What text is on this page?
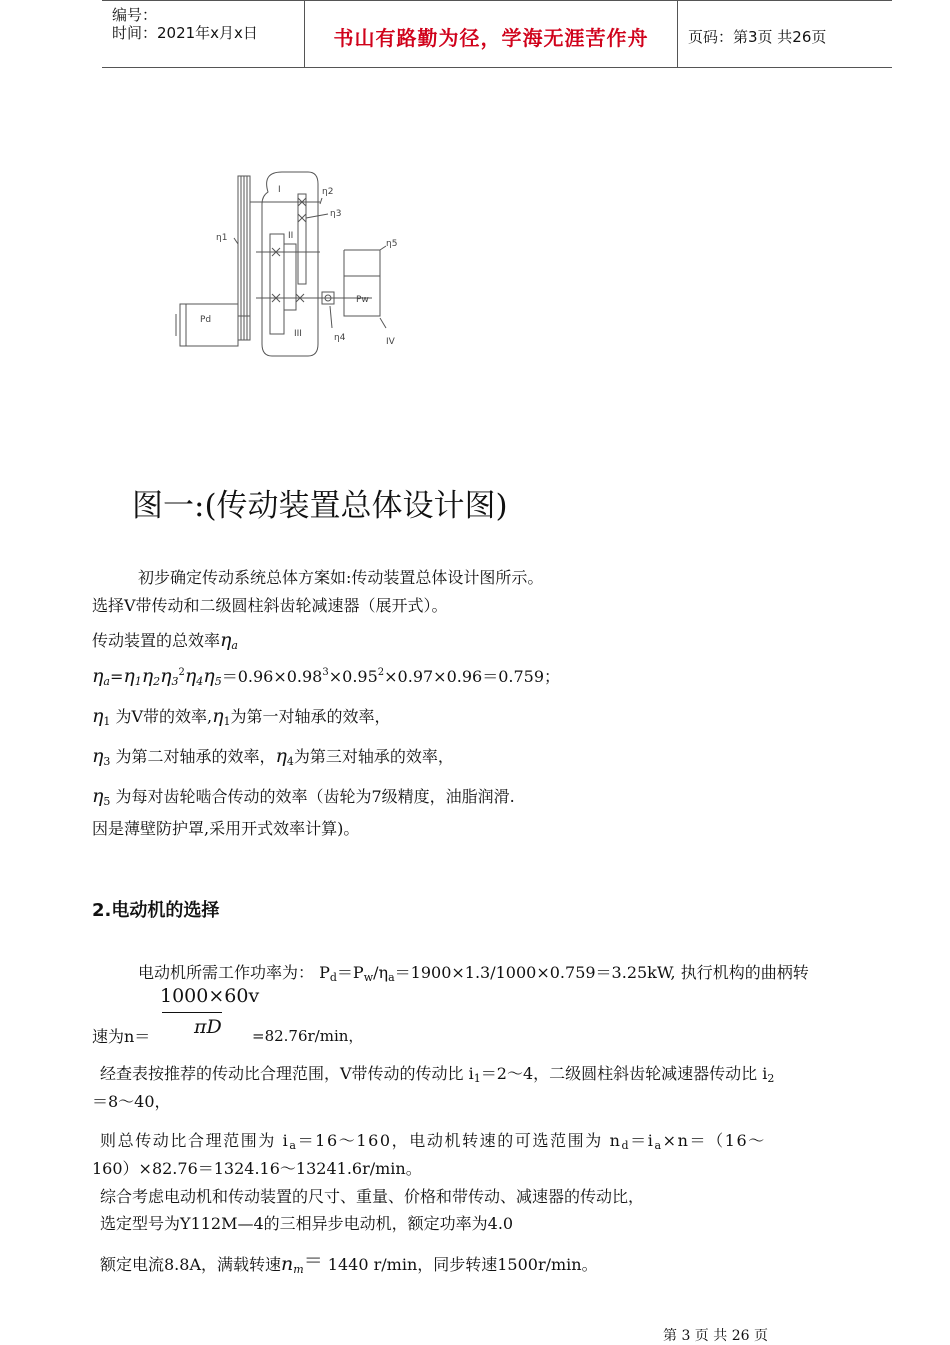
编号：
时间：2021年x月x日	书山有路勤为径，学海无涯苦作舟	页码：第3页 共26页
η1
η2
η3
η4
η5
I
II
III
IV
Pd
Pw
图一:(传动装置总体设计图)
初步确定传动系统总体方案如:传动装置总体设计图所示。
选择V带传动和二级圆柱斜齿轮减速器（展开式）。
传动装置的总效率$\eta_a$
$\eta_a=\eta_1\eta_2\eta_3^2\eta_4\eta_5=0.96\times 0.98^3\times 0.95^2\times 0.97\times 0.96=0.759$；
$\eta_1$ 为V带的效率$,\eta_1$为第一对轴承的效率，
$\eta_3$ 为第二对轴承的效率，$\eta_4$为第三对轴承的效率，
$\eta_5$ 为每对齿轮啮合传动的效率（齿轮为7级精度，油脂润滑.
因是薄壁防护罩,采用开式效率计算)。
2.电动机的选择
电动机所需工作功率为： $P_d=P_w/\eta_a=1900\times 1.3/1000\times 0.759=3.25kW$, 执行机构的曲柄转
1000×60v
πD
速为n＝	=82.76r/min，
经查表按推荐的传动比合理范围，V带传动的传动比 $i_1=2\sim 4$，二级圆柱斜齿轮减速器传动比 $i_2$
＝8～40，
则总传动比合理范围为 $i_a=16\sim 160$，电动机转速的可选范围为 $n_d=i_a\times n=(16\sim$
160）×82.76＝1324.16～13241.6r/min。
综合考虑电动机和传动装置的尺寸、重量、价格和带传动、减速器的传动比，
选定型号为Y112M—4的三相异步电动机，额定功率为4.0
额定电流8.8A，满载转速$n_m= 1440$ r/min，同步转速1500r/min。
第 3 页 共 26 页
